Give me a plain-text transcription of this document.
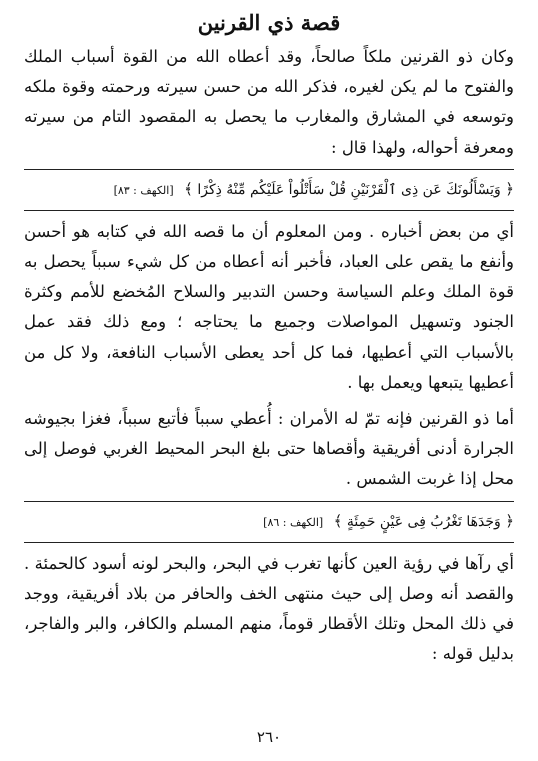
قصة ذي القرنين

وكان ذو القرنين ملكاً صالحاً، وقد أعطاه الله من القوة أسباب الملك والفتوح ما لم يكن لغيره، فذكر الله من حسن سيرته ورحمته وقوة ملكه وتوسعه في المشارق والمغارب ما يحصل به المقصود التام من سيرته ومعرفة أحواله، ولهذا قال :

﴿ وَيَسْأَلُونَكَ عَن ذِى ٱلْقَرْنَيْنِ قُلْ سَأَتْلُواْ عَلَيْكُم مِّنْهُ ذِكْرًا ﴾ [الكهف : ٨٣]

أي من بعض أخباره . ومن المعلوم أن ما قصه الله في كتابه هو أحسن وأنفع ما يقص على العباد، فأخبر أنه أعطاه من كل شيء سبباً يحصل به قوة الملك وعلم السياسة وحسن التدبير والسلاح المُخضع للأمم وكثرة الجنود وتسهيل المواصلات وجميع ما يحتاجه ؛ ومع ذلك فقد عمل بالأسباب التي أعطيها، فما كل أحد يعطى الأسباب النافعة، ولا كل من أعطيها يتبعها ويعمل بها .

أما ذو القرنين فإنه تمّ له الأمران : أُعطي سبباً فأتبع سبباً، فغزا بجيوشه الجرارة أدنى أفريقية وأقصاها حتى بلغ البحر المحيط الغربي فوصل إلى محل إذا غربت الشمس .

﴿ وَجَدَهَا تَغْرُبُ فِى عَيْنٍ حَمِئَةٍ ﴾ [الكهف : ٨٦]

أي رآها في رؤية العين كأنها تغرب في البحر، والبحر لونه أسود كالحمئة . والقصد أنه وصل إلى حيث منتهى الخف والحافر من بلاد أفريقية، ووجد في ذلك المحل وتلك الأقطار قوماً، منهم المسلم والكافر، والبر والفاجر، بدليل قوله :

٢٦٠
